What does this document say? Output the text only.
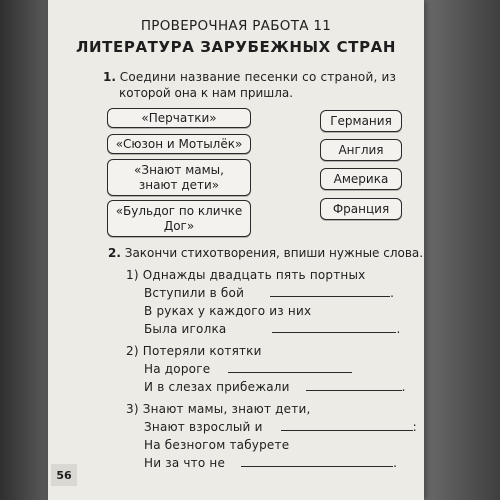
ПРОВЕРОЧНАЯ РАБОТА 11
ЛИТЕРАТУРА ЗАРУБЕЖНЫХ СТРАН
1. Соедини название песенки со страной, из
которой она к нам пришла.
«Перчатки»
«Сюзон и Мотылёк»
«Знают мамы, знают дети»
«Бульдог по кличке Дог»
Германия
Англия
Америка
Франция
2. Закончи стихотворения, впиши нужные слова.
1) Однажды двадцать пять портных
Вступили в бой	.
В руках у каждого из них
Была иголка	.
2) Потеряли котятки
На дороге
И в слезах прибежали	.
3) Знают мамы, знают дети,
Знают взрослый и	:
На безногом табурете
Ни за что не	.
56
